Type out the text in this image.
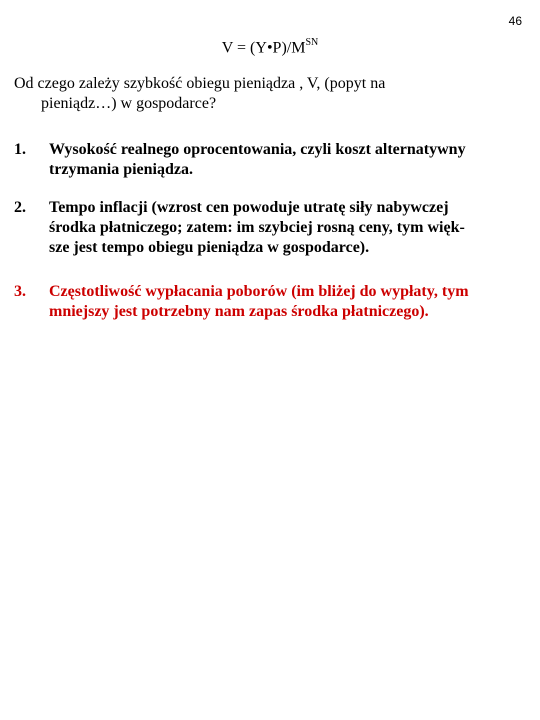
46
$V = (Y•P)/M^{SN}$
Od czego zależy szybkość obiegu pieniądza , V, (popyt na
pieniądz…) w gospodarce?
1.	Wysokość realnego oprocentowania, czyli koszt alternatywny
trzymania pieniądza.
2.	Tempo inflacji (wzrost cen powoduje utratę siły nabywczej
środka płatniczego; zatem: im szybciej rosną ceny, tym więk-
sze jest tempo obiegu pieniądza w gospodarce).
3.	Częstotliwość wypłacania poborów (im bliżej do wypłaty, tym
mniejszy jest potrzebny nam zapas środka płatniczego).
